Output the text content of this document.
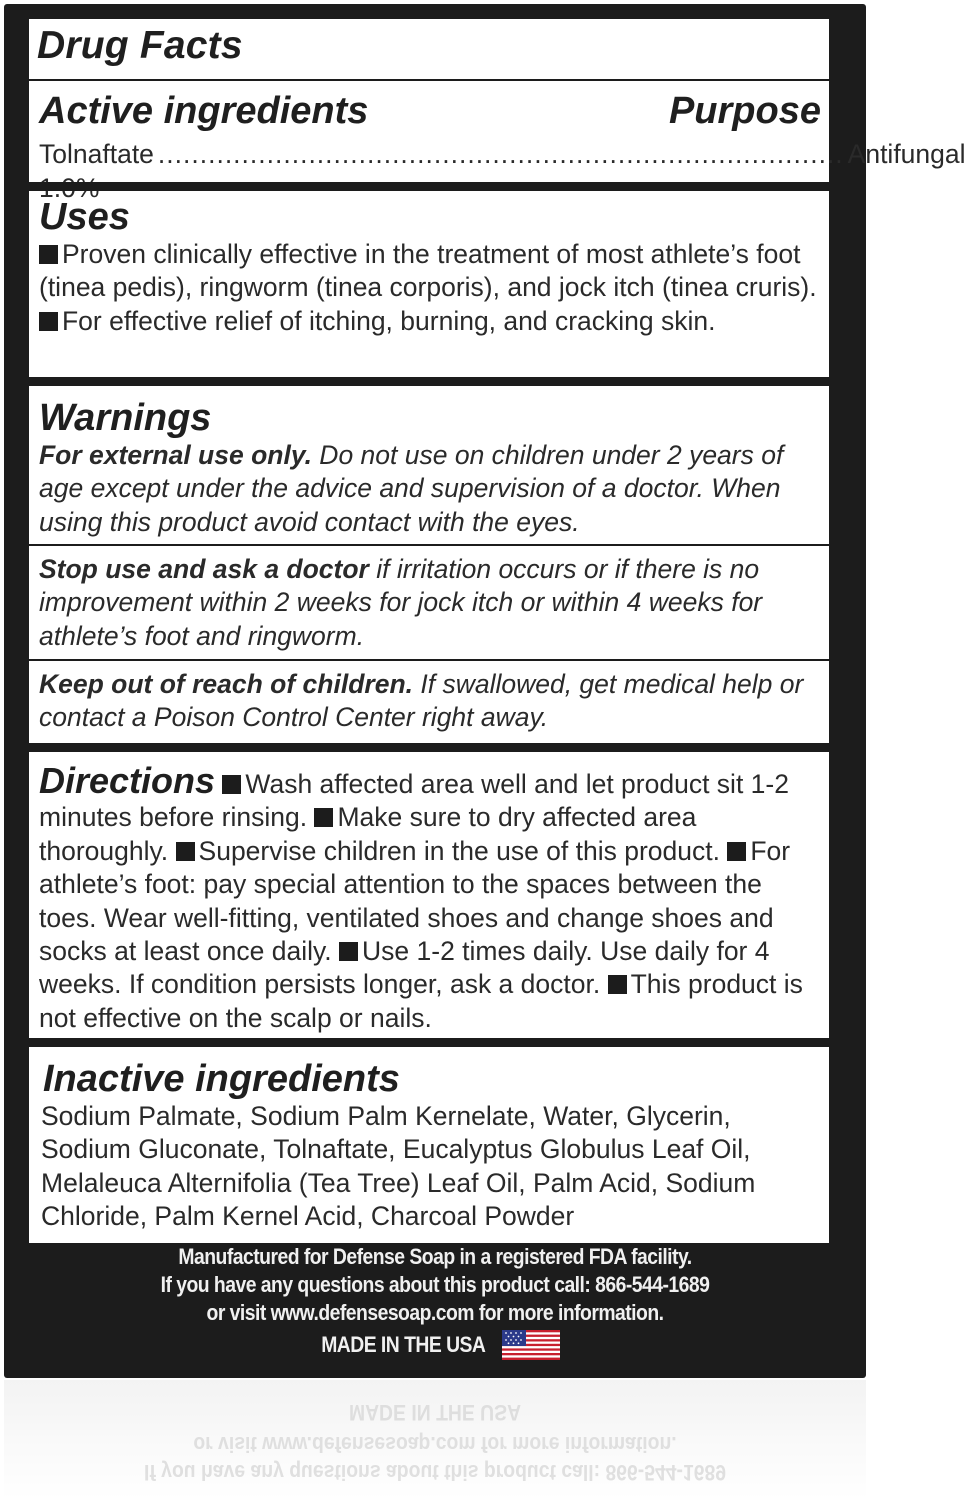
Drug Facts
Active ingredients	Purpose
Tolnaftate .................................................................................. Antifungal
Uses
Proven clinically effective in the treatment of most athlete’s foot (tinea pedis), ringworm (tinea corporis), and jock itch (tinea cruris). For effective relief of itching, burning, and cracking skin.
Warnings
For external use only. Do not use on children under 2 years of age except under the advice and supervision of a doctor. When using this product avoid contact with the eyes.
Stop use and ask a doctor if irritation occurs or if there is no improvement within 2 weeks for jock itch or within 4 weeks for athlete’s foot and ringworm.
Keep out of reach of children. If swallowed, get medical help or contact a Poison Control Center right away.
Directions Wash affected area well and let product sit 1-2 minutes before rinsing. Make sure to dry affected area thoroughly. Supervise children in the use of this product. For athlete’s foot: pay special attention to the spaces between the toes. Wear well-fitting, ventilated shoes and change shoes and socks at least once daily. Use 1-2 times daily. Use daily for 4 weeks. If condition persists longer, ask a doctor. This product is not effective on the scalp or nails.
Inactive ingredients
Sodium Palmate, Sodium Palm Kernelate, Water, Glycerin, Sodium Gluconate, Tolnaftate, Eucalyptus Globulus Leaf Oil, Melaleuca Alternifolia (Tea Tree) Leaf Oil, Palm Acid, Sodium Chloride, Palm Kernel Acid, Charcoal Powder
Manufactured for Defense Soap in a registered FDA facility.
If you have any questions about this product call: 866-544-1689
or visit www.defensesoap.com for more information.
MADE IN THE USA
MADE IN THE USA
or visit www.defensesoap.com for more information.
If you have any questions about this product call: 866-544-1689
